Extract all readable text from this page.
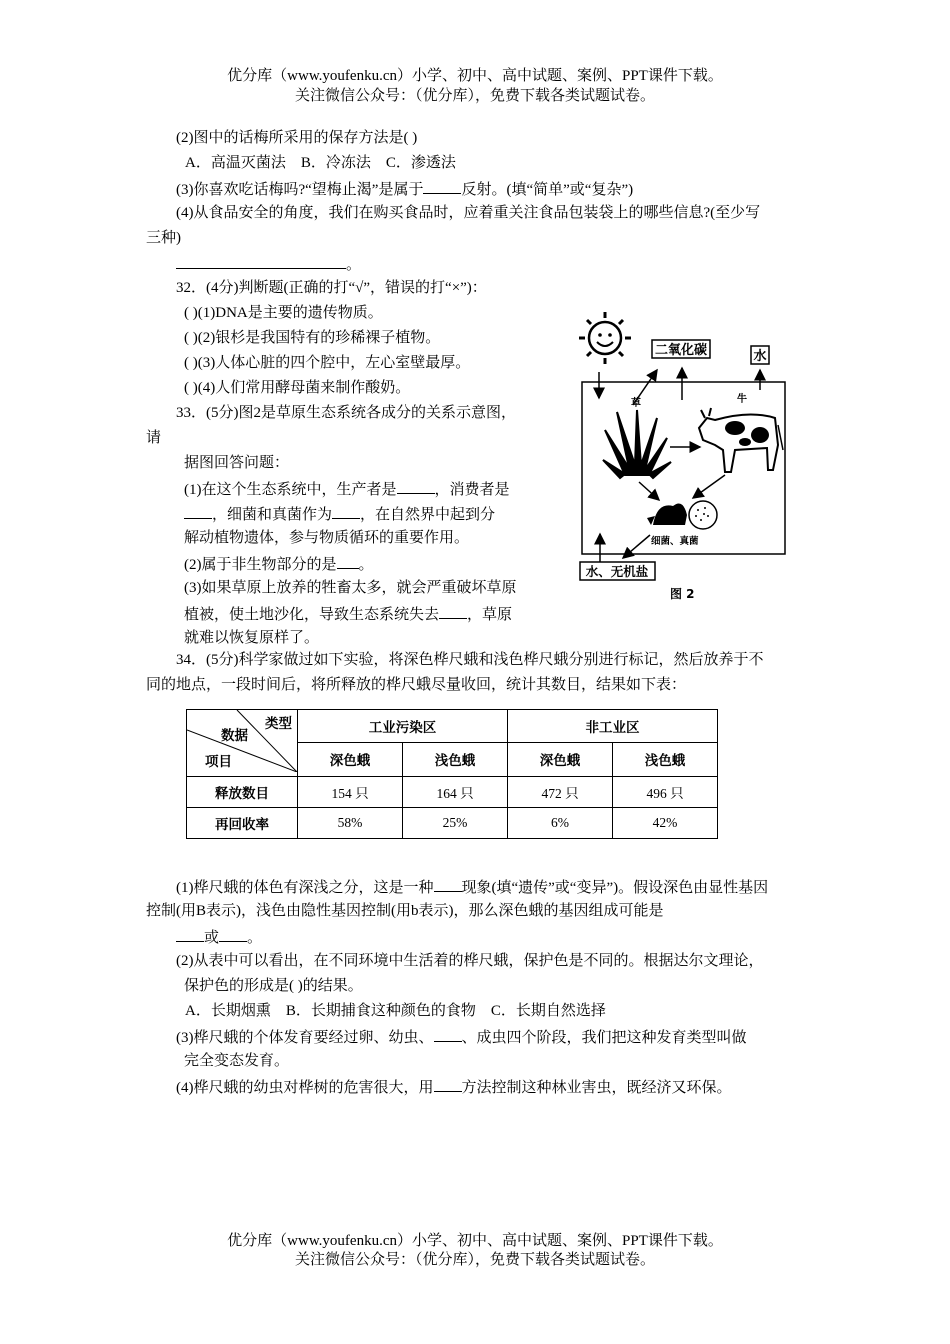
优分库（www.youfenku.cn）小学、初中、高中试题、案例、PPT课件下载。
关注微信公众号：（优分库），免费下载各类试题试卷。
(2)图中的话梅所采用的保存方法是( )
A．高温灭菌法　B．冷冻法　C．渗透法
(3)你喜欢吃话梅吗?“望梅止渴”是属于	反射。(填“简单”或“复杂”)
(4)从食品安全的角度，我们在购买食品时，应着重关注食品包装袋上的哪些信息?(至少写
三种)
。
32．(4分)判断题(正确的打“√”，错误的打“×”)：
( )(1)DNA是主要的遗传物质。
( )(2)银杉是我国特有的珍稀裸子植物。
( )(3)人体心脏的四个腔中，左心室壁最厚。
( )(4)人们常用酵母菌来制作酸奶。
33．(5分)图2是草原生态系统各成分的关系示意图，
请
据图回答问题：
(1)在这个生态系统中，生产者是	，消费者是
，细菌和真菌作为 ，在自然界中起到分
解动植物遗体，参与物质循环的重要作用。
(2)属于非生物部分的是 。
(3)如果草原上放养的牲畜太多，就会严重破坏草原
植被，使土地沙化，导致生态系统失去 ，草原
就难以恢复原样了。
二氧化碳	水
草	牛
细菌、真菌
水、无机盐
图 2
34．(5分)科学家做过如下实验，将深色桦尺蛾和浅色桦尺蛾分别进行标记，然后放养于不
同的地点，一段时间后，将所释放的桦尺蛾尽量收回，统计其数目，结果如下表：
类型
数据
项目	工业污染区		非工业区	
	深色蛾	浅色蛾	深色蛾	浅色蛾
释放数目	154 只	164 只	472 只	496 只
再回收率	58%	25%	6%	42%
(1)桦尺蛾的体色有深浅之分，这是一种 现象(填“遗传”或“变异”)。假设深色由显性基因
控制(用B表示)，浅色由隐性基因控制(用b表示)，那么深色蛾的基因组成可能是
或 。
(2)从表中可以看出，在不同环境中生活着的桦尺蛾，保护色是不同的。根据达尔文理论，
保护色的形成是( )的结果。
A．长期烟熏　B．长期捕食这种颜色的食物　C．长期自然选择
(3)桦尺蛾的个体发育要经过卵、幼虫、 、成虫四个阶段，我们把这种发育类型叫做
完全变态发育。
(4)桦尺蛾的幼虫对桦树的危害很大，用 方法控制这种林业害虫，既经济又环保。
优分库（www.youfenku.cn）小学、初中、高中试题、案例、PPT课件下载。
关注微信公众号：（优分库），免费下载各类试题试卷。
